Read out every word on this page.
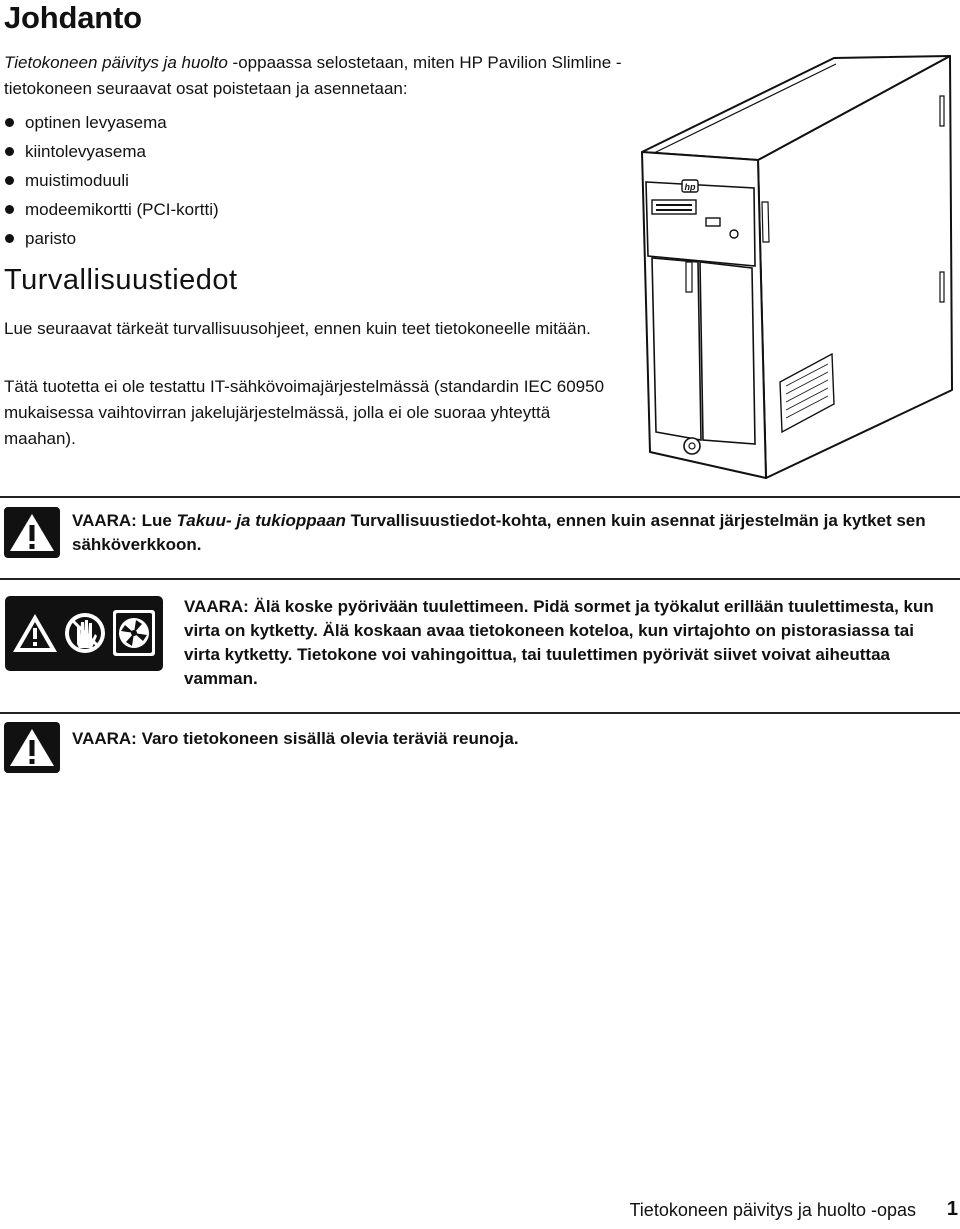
Johdanto
Tietokoneen päivitys ja huolto -oppaassa selostetaan, miten HP Pavilion Slimline -tietokoneen seuraavat osat poistetaan ja asennetaan:
optinen levyasema
kiintolevyasema
muistimoduuli
modeemikortti (PCI-kortti)
paristo
Turvallisuustiedot
Lue seuraavat tärkeät turvallisuusohjeet, ennen kuin teet tietokoneelle mitään.
Tätä tuotetta ei ole testattu IT-sähkövoimajärjestelmässä (standardin IEC 60950 mukaisessa vaihtovirran jakelujärjestelmässä, jolla ei ole suoraa yhteyttä maahan).
hp
VAARA: Lue Takuu- ja tukioppaan Turvallisuustiedot-kohta, ennen kuin asennat järjestelmän ja kytket sen sähköverkkoon.
VAARA: Älä koske pyörivään tuulettimeen. Pidä sormet ja työkalut erillään tuulettimesta, kun virta on kytketty. Älä koskaan avaa tietokoneen koteloa, kun virtajohto on pistorasiassa tai virta kytketty. Tietokone voi vahingoittua, tai tuulettimen pyörivät siivet voivat aiheuttaa vamman.
VAARA: Varo tietokoneen sisällä olevia teräviä reunoja.
Tietokoneen päivitys ja huolto -opas 1
